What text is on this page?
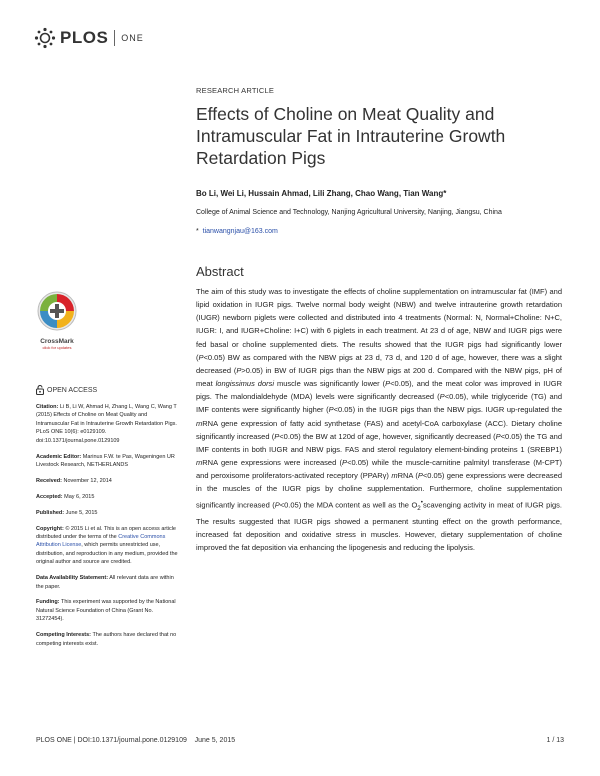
PLOS ONE
RESEARCH ARTICLE
Effects of Choline on Meat Quality and Intramuscular Fat in Intrauterine Growth Retardation Pigs
Bo Li, Wei Li, Hussain Ahmad, Lili Zhang, Chao Wang, Tian Wang*
College of Animal Science and Technology, Nanjing Agricultural University, Nanjing, Jiangsu, China
* tianwangnjau@163.com
Abstract
The aim of this study was to investigate the effects of choline supplementation on intramuscular fat (IMF) and lipid oxidation in IUGR pigs. Twelve normal body weight (NBW) and twelve intrauterine growth retardation (IUGR) newborn piglets were collected and distributed into 4 treatments (Normal: N, Normal+Choline: N+C, IUGR: I, and IUGR+Choline: I+C) with 6 piglets in each treatment. At 23 d of age, NBW and IUGR pigs were fed basal or choline supplemented diets. The results showed that the IUGR pigs had significantly lower (P<0.05) BW as compared with the NBW pigs at 23 d, 73 d, and 120 d of age, however, there was a slight decreased (P>0.05) in BW of IUGR pigs than the NBW pigs at 200 d. Compared with the NBW pigs, pH of meat longissimus dorsi muscle was significantly lower (P<0.05), and the meat color was improved in IUGR pigs. The malondialdehyde (MDA) levels were significantly decreased (P<0.05), while triglyceride (TG) and IMF contents were significantly higher (P<0.05) in the IUGR pigs than the NBW pigs. IUGR up-regulated the mRNA gene expression of fatty acid synthetase (FAS) and acetyl-CoA carboxylase (ACC). Dietary choline significantly increased (P<0.05) the BW at 120d of age, however, significantly decreased (P<0.05) the TG and IMF contents in both IUGR and NBW pigs. FAS and sterol regulatory element-binding proteins 1 (SREBP1) mRNA gene expressions were increased (P<0.05) while the muscle-carnitine palmityl transferase (M-CPT) and peroxisome proliferators-activated receptory (PPARγ) mRNA (P<0.05) gene expressions were decreased in the muscles of the IUGR pigs by choline supplementation. Furthermore, choline supplementation significantly increased (P<0.05) the MDA content as well as the $O_2^•scavenging$ activity in meat of IUGR pigs. The results suggested that IUGR pigs showed a permanent stunting effect on the growth performance, increased fat deposition and oxidative stress in muscles. However, dietary supplementation of choline improved the fat deposition via enhancing the lipogenesis and reducing the lipolysis.
CrossMark
click for updates
OPEN ACCESS
Citation: Li B, Li W, Ahmad H, Zhang L, Wang C, Wang T (2015) Effects of Choline on Meat Quality and Intramuscular Fat in Intrauterine Growth Retardation Pigs. PLoS ONE 10(6): e0129109. doi:10.1371/journal.pone.0129109
Academic Editor: Marinus F.W. te Pas, Wageningen UR Livestock Research, NETHERLANDS
Received: November 12, 2014
Accepted: May 6, 2015
Published: June 5, 2015
Copyright: © 2015 Li et al. This is an open access article distributed under the terms of the Creative Commons Attribution License, which permits unrestricted use, distribution, and reproduction in any medium, provided the original author and source are credited.
Data Availability Statement: All relevant data are within the paper.
Funding: This experiment was supported by the National Natural Science Foundation of China (Grant No. 31272454).
Competing Interests: The authors have declared that no competing interests exist.
PLOS ONE | DOI:10.1371/journal.pone.0129109    June 5, 2015	1 / 13
